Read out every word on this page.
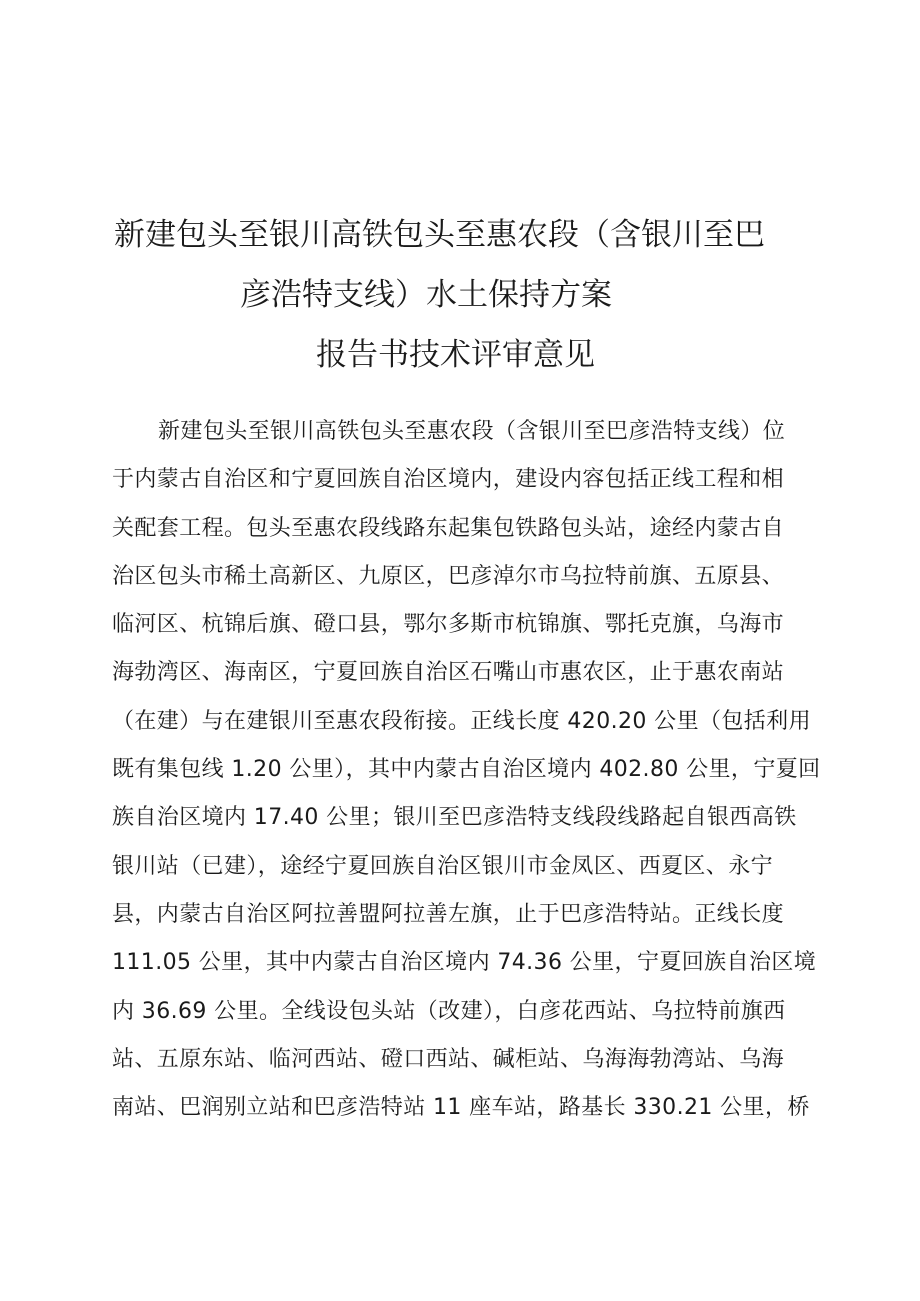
新建包头至银川高铁包头至惠农段（含银川至巴
彦浩特支线）水土保持方案
报告书技术评审意见
新建包头至银川高铁包头至惠农段（含银川至巴彦浩特支线）位
于内蒙古自治区和宁夏回族自治区境内，建设内容包括正线工程和相
关配套工程。包头至惠农段线路东起集包铁路包头站，途经内蒙古自
治区包头市稀土高新区、九原区，巴彦淖尔市乌拉特前旗、五原县、
临河区、杭锦后旗、磴口县，鄂尔多斯市杭锦旗、鄂托克旗，乌海市
海勃湾区、海南区，宁夏回族自治区石嘴山市惠农区，止于惠农南站
（在建）与在建银川至惠农段衔接。正线长度 420.20 公里（包括利用
既有集包线 1.20 公里），其中内蒙古自治区境内 402.80 公里，宁夏回
族自治区境内 17.40 公里；银川至巴彦浩特支线段线路起自银西高铁
银川站（已建），途经宁夏回族自治区银川市金凤区、西夏区、永宁
县，内蒙古自治区阿拉善盟阿拉善左旗，止于巴彦浩特站。正线长度
111.05 公里，其中内蒙古自治区境内 74.36 公里，宁夏回族自治区境
内 36.69 公里。全线设包头站（改建），白彦花西站、乌拉特前旗西
站、五原东站、临河西站、磴口西站、碱柜站、乌海海勃湾站、乌海
南站、巴润别立站和巴彦浩特站 11 座车站，路基长 330.21 公里，桥
